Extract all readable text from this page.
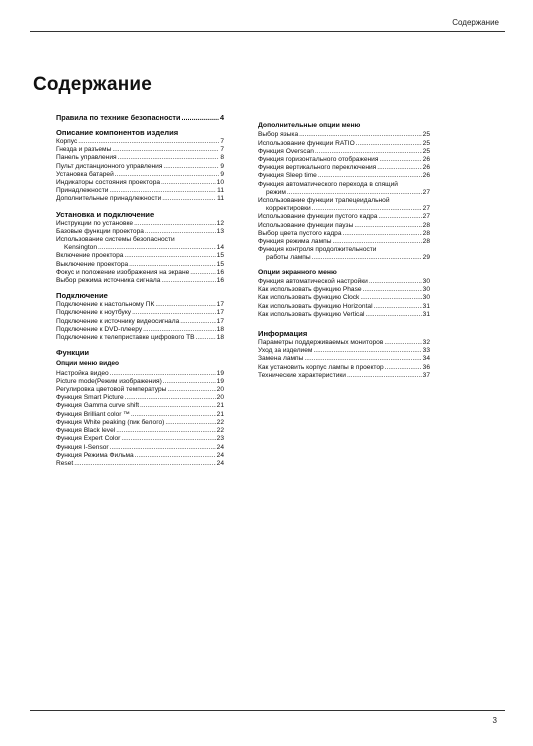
Содержание
Содержание
Правила по технике безопасности .....	4
Описание компонентов изделия
Корпус .....	7
Гнезда и разъемы .....	7
Панель управления .....	8
Пульт дистанционного управления .....	9
Установка батарей .....	9
Индикаторы состояния проектора .....	10
Принадлежности .....	11
Дополнительные принадлежности .....	11
Установка и подключение
Инструкции по установке .....	12
Базовые функции проектора .....	13
Использование системы безопасности
Kensington .....	14
Включение проектора .....	15
Выключение проектора .....	15
Фокус и положение изображения на экране .....	16
Выбор режима источника сигнала .....	16
Подключение
Подключение к настольному ПК .....	17
Подключение к ноутбуку .....	17
Подключение к источнику видеосигнала .....	17
Подключение к DVD-плееру .....	18
Подключение к телеприставке цифрового ТВ .....	18
Функции
Опции меню видео
Настройка видео .....	19
Picture mode(Режим изображения) .....	19
Регулировка цветовой температуры .....	20
Функция Smart Picture .....	20
Функция Gamma curve shift .....	21
Функция Brilliant color ™ .....	21
Функция White peaking (пик белого) .....	22
Функция Black level .....	22
Функция Expert Color .....	23
Функция I-Sensor .....	24
Функция Режима Фильма .....	24
Reset .....	24
Дополнительные опции меню
Выбор языка .....	25
Использование функции RATIO .....	25
Функция Overscan .....	25
Функция горизонтального отображения .....	26
Функция вертикального переключения .....	26
Функция Sleep time .....	26
Функция автоматического перехода в спящий
режим .....	27
Использование функции трапецеидальной
корректировки .....	27
Использование функции пустого кадра .....	27
Использование функции паузы .....	28
Выбор цвета пустого кадра .....	28
Функция режима лампы .....	28
Функция контроля продолжительности
работы лампы .....	29
Опции экранного меню
Функция автоматической настройки .....	30
Как использовать функцию Phase .....	30
Как использовать функцию Clock .....	30
Как использовать функцию Horizontal .....	31
Как использовать функцию Vertical .....	31
Информация
Параметры поддерживаемых мониторов .....	32
Уход за изделием .....	33
Замена лампы .....	34
Как установить корпус лампы в проектор .....	36
Технические характеристики .....	37
3
